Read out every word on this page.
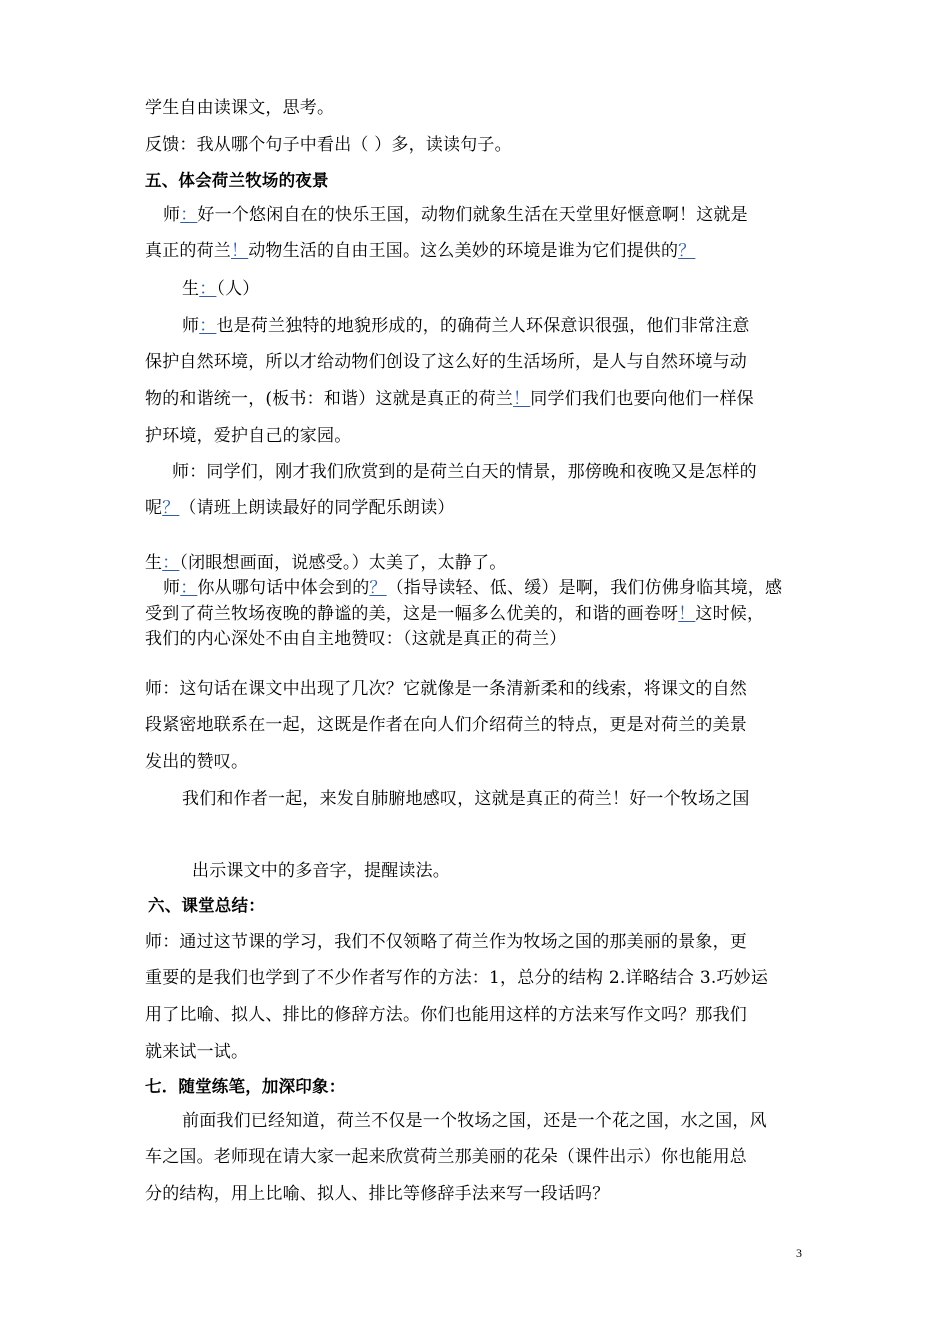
学生自由读课文，思考。
反馈：我从哪个句子中看出（ ）多，读读句子。
五、体会荷兰牧场的夜景
师：好一个悠闲自在的快乐王国，动物们就象生活在天堂里好惬意啊！这就是
真正的荷兰！动物生活的自由王国。这么美妙的环境是谁为它们提供的？
生：（人）
师：也是荷兰独特的地貌形成的，的确荷兰人环保意识很强，他们非常注意
保护自然环境，所以才给动物们创设了这么好的生活场所，是人与自然环境与动
物的和谐统一，(板书：和谐）这就是真正的荷兰！同学们我们也要向他们一样保
护环境，爱护自己的家园。
师：同学们，刚才我们欣赏到的是荷兰白天的情景，那傍晚和夜晚又是怎样的
呢？（请班上朗读最好的同学配乐朗读）
生：（闭眼想画面，说感受。）太美了，太静了。
师：你从哪句话中体会到的？（指导读轻、低、缓）是啊，我们仿佛身临其境，感
受到了荷兰牧场夜晚的静谧的美，这是一幅多么优美的，和谐的画卷呀！这时候，
我们的内心深处不由自主地赞叹：（这就是真正的荷兰）
师：这句话在课文中出现了几次？它就像是一条清新柔和的线索，将课文的自然
段紧密地联系在一起，这既是作者在向人们介绍荷兰的特点，更是对荷兰的美景
发出的赞叹。
我们和作者一起，来发自肺腑地感叹，这就是真正的荷兰！好一个牧场之国
出示课文中的多音字，提醒读法。
六、课堂总结：
师：通过这节课的学习，我们不仅领略了荷兰作为牧场之国的那美丽的景象，更
重要的是我们也学到了不少作者写作的方法：1，总分的结构 2.详略结合 3.巧妙运
用了比喻、拟人、排比的修辞方法。你们也能用这样的方法来写作文吗？那我们
就来试一试。
七．随堂练笔，加深印象：
前面我们已经知道，荷兰不仅是一个牧场之国，还是一个花之国，水之国，风
车之国。老师现在请大家一起来欣赏荷兰那美丽的花朵（课件出示）你也能用总
分的结构，用上比喻、拟人、排比等修辞手法来写一段话吗？
3
